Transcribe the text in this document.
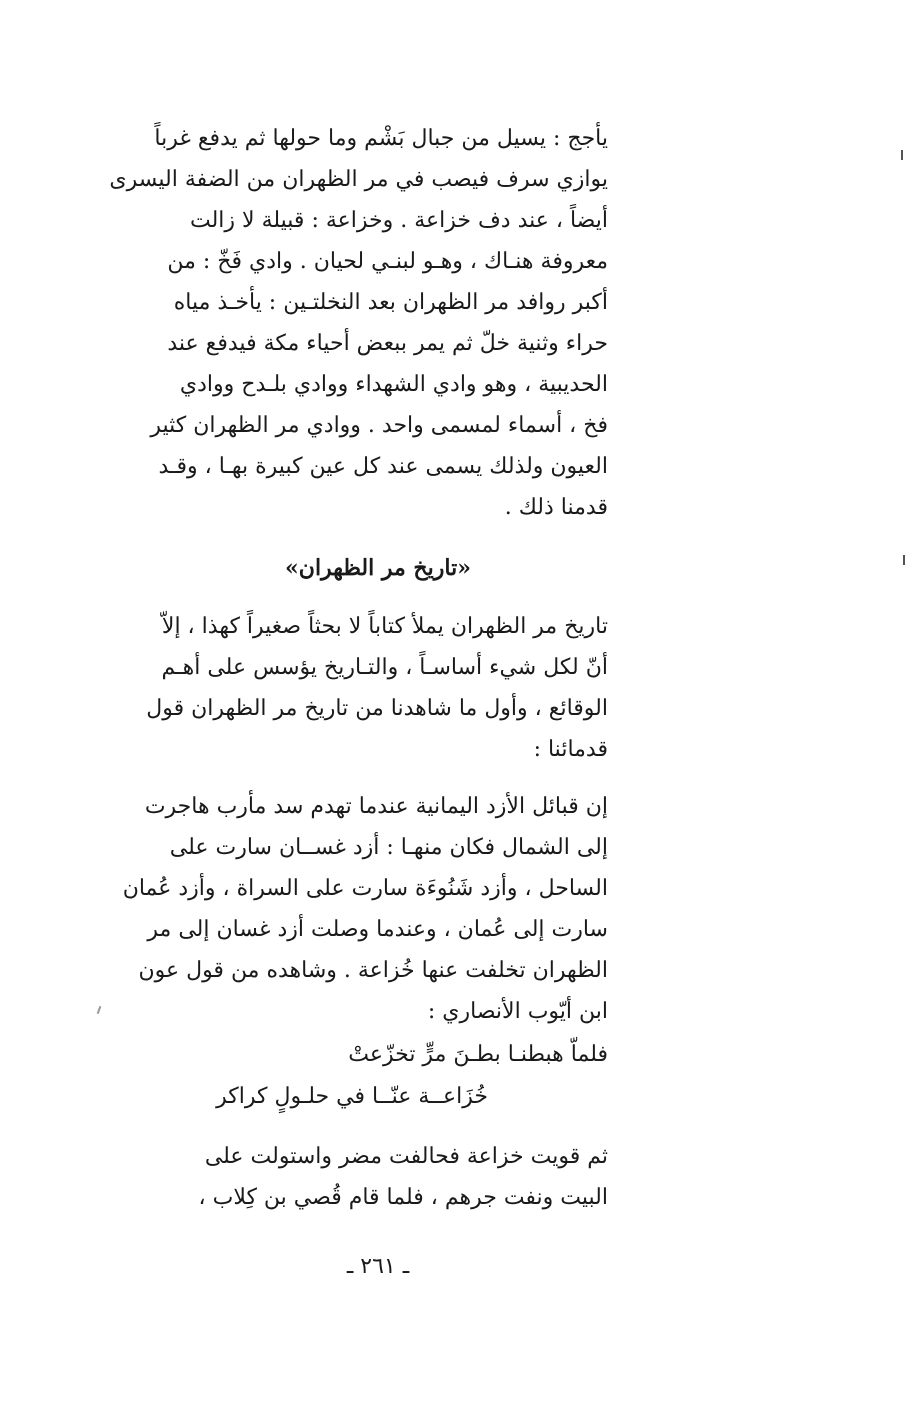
يأجج : يسيل من جبال بَشْم وما حولها ثم يدفع غرباً
يوازي سرف فيصب في مر الظهران من الضفة اليسرى
أيضاً ، عند دف خزاعة . وخزاعة : قبيلة لا زالت
معروفة هنـاك ، وهـو لبنـي لحيان . وادي فَخّ : من
أكبر روافد مر الظهران بعد النخلتـين : يأخـذ مياه
حراء وثنية خلّ ثم يمر ببعض أحياء مكة فيدفع عند
الحديبية ، وهو وادي الشهداء ووادي بلـدح ووادي
فخ ، أسماء لمسمى واحد . ووادي مر الظهران كثير
العيون ولذلك يسمى عند كل عين كبيرة بهـا ، وقـد
قدمنا ذلك .
«تاريخ مر الظهران»
تاريخ مر الظهران يملأ كتاباً لا بحثاً صغيراً كهذا ، إلاّ
أنّ لكل شيء أساسـاً ، والتـاريخ يؤسس على أهـم
الوقائع ، وأول ما شاهدنا من تاريخ مر الظهران قول
قدمائنا :
إن قبائل الأزد اليمانية عندما تهدم سد مأرب هاجرت
إلى الشمال فكان منهـا : أزد غســان سارت على
الساحل ، وأزد شَنُوءَة سارت على السراة ، وأزد عُمان
سارت إلى عُمان ، وعندما وصلت أزد غسان إلى مر
الظهران تخلفت عنها خُزاعة . وشاهده من قول عون
ابن أيّوب الأنصاري :
فلماّ هبطنـا بطـنَ مرٍّ تخزّعتْ
خُزَاعــة عنّــا في حلـولٍ كراكر
ثم قويت خزاعة فحالفت مضر واستولت على
البيت ونفت جرهم ، فلما قام قُصي بن كِلاب ،
ـ ٢٦١ ـ
